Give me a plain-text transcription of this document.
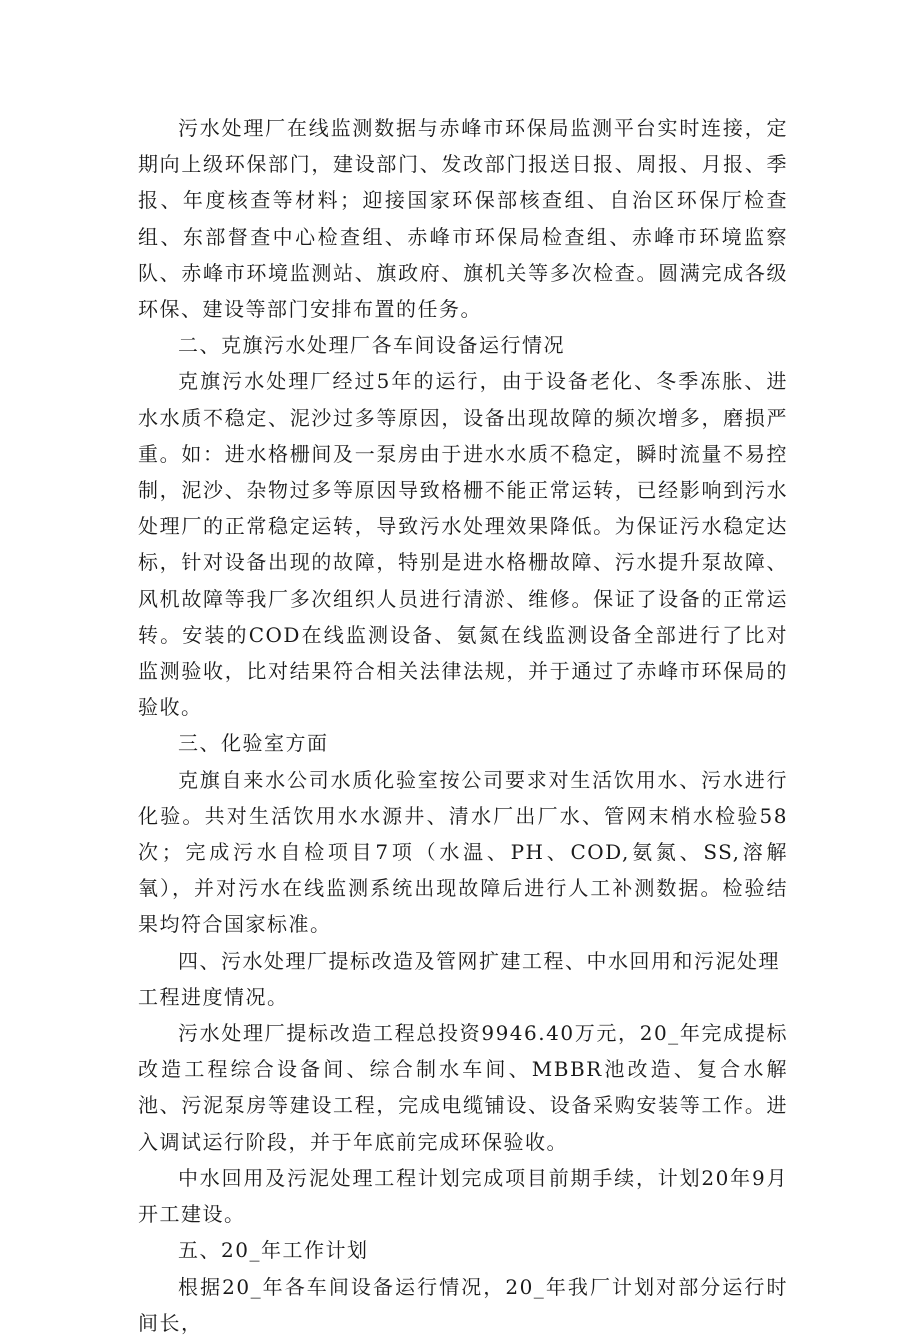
污水处理厂在线监测数据与赤峰市环保局监测平台实时连接，定期向上级环保部门，建设部门、发改部门报送日报、周报、月报、季报、年度核查等材料；迎接国家环保部核查组、自治区环保厅检查组、东部督查中心检查组、赤峰市环保局检查组、赤峰市环境监察队、赤峰市环境监测站、旗政府、旗机关等多次检查。圆满完成各级环保、建设等部门安排布置的任务。

二、克旗污水处理厂各车间设备运行情况

克旗污水处理厂经过5年的运行，由于设备老化、冬季冻胀、进水水质不稳定、泥沙过多等原因，设备出现故障的频次增多，磨损严重。如：进水格栅间及一泵房由于进水水质不稳定，瞬时流量不易控制，泥沙、杂物过多等原因导致格栅不能正常运转，已经影响到污水处理厂的正常稳定运转，导致污水处理效果降低。为保证污水稳定达标，针对设备出现的故障，特别是进水格栅故障、污水提升泵故障、风机故障等我厂多次组织人员进行清淤、维修。保证了设备的正常运转。安装的COD在线监测设备、氨氮在线监测设备全部进行了比对监测验收，比对结果符合相关法律法规，并于通过了赤峰市环保局的验收。

三、化验室方面

克旗自来水公司水质化验室按公司要求对生活饮用水、污水进行化验。共对生活饮用水水源井、清水厂出厂水、管网末梢水检验58次；完成污水自检项目7项（水温、PH、COD,氨氮、SS,溶解氧），并对污水在线监测系统出现故障后进行人工补测数据。检验结果均符合国家标准。

四、污水处理厂提标改造及管网扩建工程、中水回用和污泥处理工程进度情况。

污水处理厂提标改造工程总投资9946.40万元，20_年完成提标改造工程综合设备间、综合制水车间、MBBR池改造、复合水解池、污泥泵房等建设工程，完成电缆铺设、设备采购安装等工作。进入调试运行阶段，并于年底前完成环保验收。

中水回用及污泥处理工程计划完成项目前期手续，计划20年9月开工建设。

五、20_年工作计划

根据20_年各车间设备运行情况，20_年我厂计划对部分运行时间长，
